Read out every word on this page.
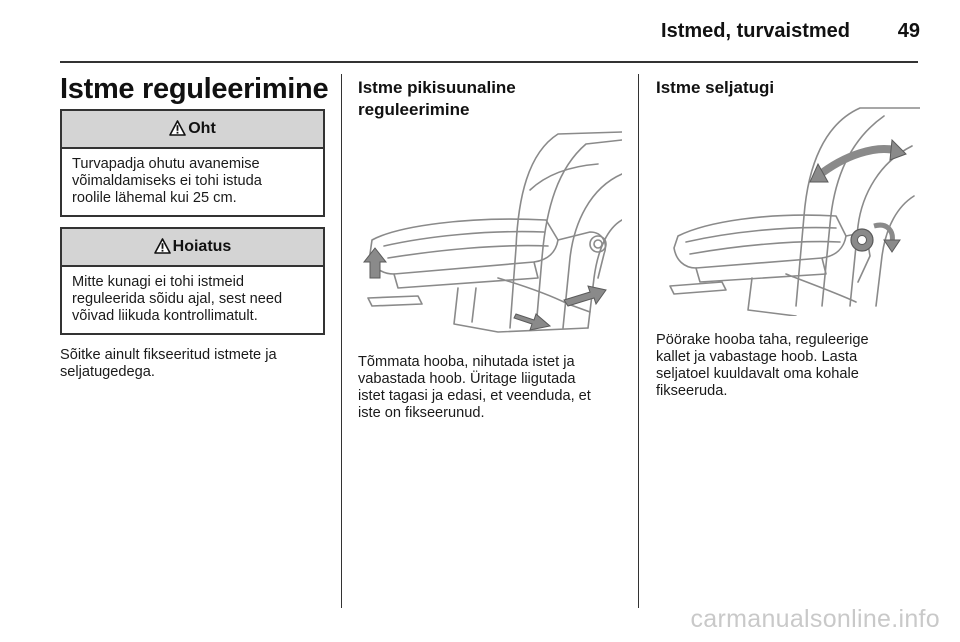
Istmed, turvaistmed 49
Istme reguleerimine
Oht
Turvapadja ohutu avanemise
võimaldamiseks ei tohi istuda
roolile lähemal kui 25 cm.
Hoiatus
Mitte kunagi ei tohi istmeid
reguleerida sõidu ajal, sest need
võivad liikuda kontrollimatult.
Sõitke ainult fikseeritud istmete ja
seljatugedega.
Istme pikisuunaline
reguleerimine
Tõmmata hooba, nihutada istet ja
vabastada hoob. Üritage liigutada
istet tagasi ja edasi, et veenduda, et
iste on fikseerunud.
Istme seljatugi
Pöörake hooba taha, reguleerige
kallet ja vabastage hoob. Lasta
seljatoel kuuldavalt oma kohale
fikseeruda.
carmanualsonline.info
